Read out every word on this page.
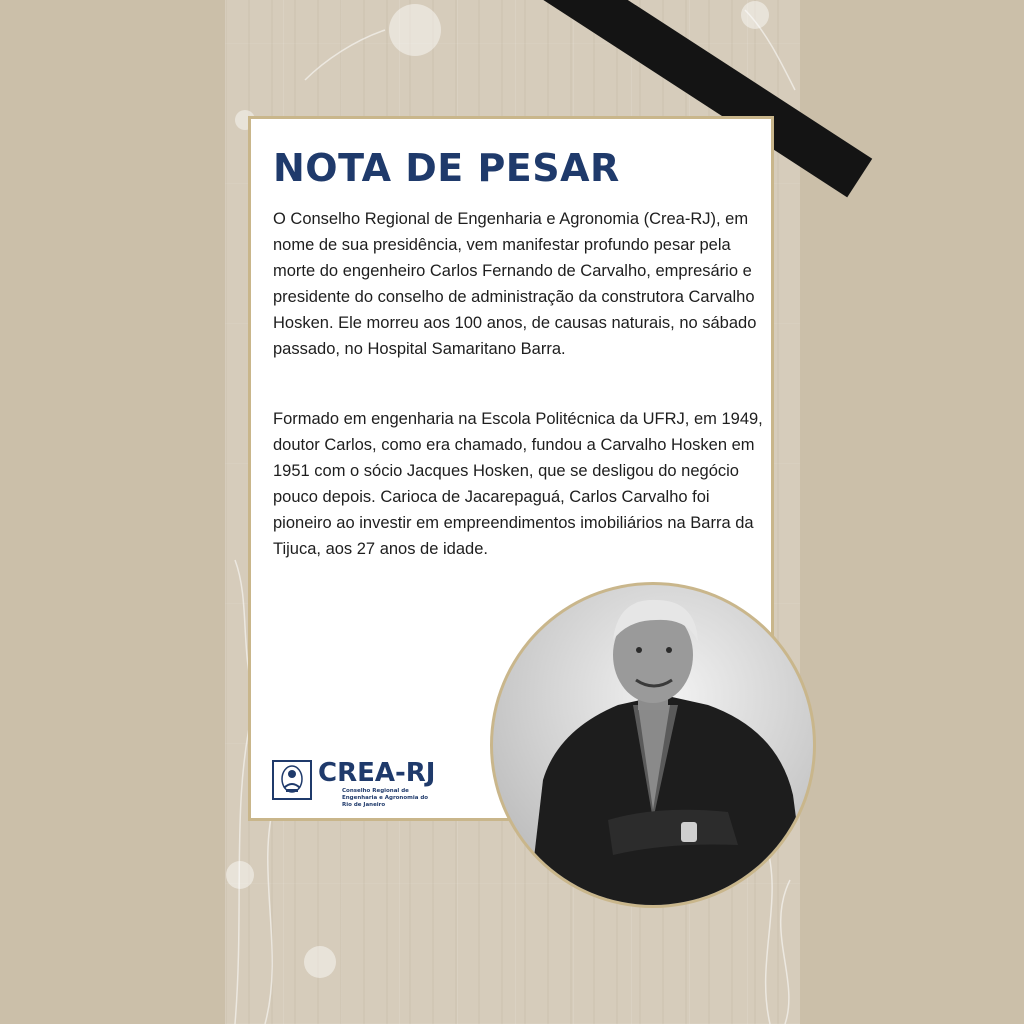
NOTA DE PESAR

O Conselho Regional de Engenharia e Agronomia (Crea-RJ), em nome de sua presidência, vem manifestar profundo pesar pela morte do engenheiro Carlos Fernando de Carvalho, empresário e presidente do conselho de administração da construtora Carvalho Hosken. Ele morreu aos 100 anos, de causas naturais, no sábado passado, no Hospital Samaritano Barra.

Formado em engenharia na Escola Politécnica da UFRJ, em 1949, doutor Carlos, como era chamado, fundou a Carvalho Hosken em 1951 com o sócio Jacques Hosken, que se desligou do negócio pouco depois. Carioca de Jacarepaguá, Carlos Carvalho foi pioneiro ao investir em empreendimentos imobiliários na Barra da Tijuca, aos 27 anos de idade.

CREA-RJ

Conselho Regional de Engenharia e Agronomia do Rio de Janeiro
